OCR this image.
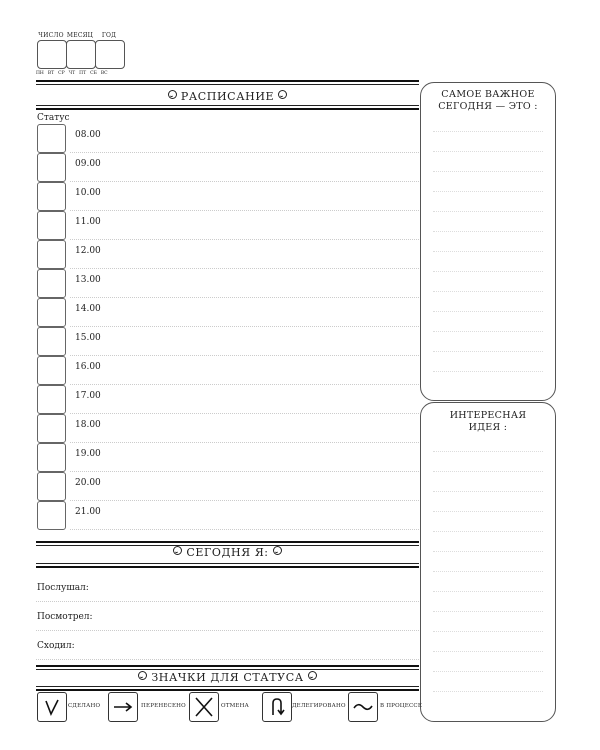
ЧИСЛО МЕСЯЦ	ГОД
ПН ВТ СР ЧТ ПТ СБ ВС
РАСПИСАНИЕ
Статус
08.00
09.00
10.00
11.00
12.00
13.00
14.00
15.00
16.00
17.00
18.00
19.00
20.00
21.00
САМОЕ ВАЖНОЕ
СЕГОДНЯ — ЭТО :
ИНТЕРЕСНАЯ
ИДЕЯ :
СЕГОДНЯ Я:
Послушал:
Посмотрел:
Сходил:
ЗНАЧКИ ДЛЯ СТАТУСА
СДЕЛАНО	ПЕРЕНЕСЕНО	ОТМЕНА	ДЕЛЕГИРОВАНО	В ПРОЦЕССЕ
